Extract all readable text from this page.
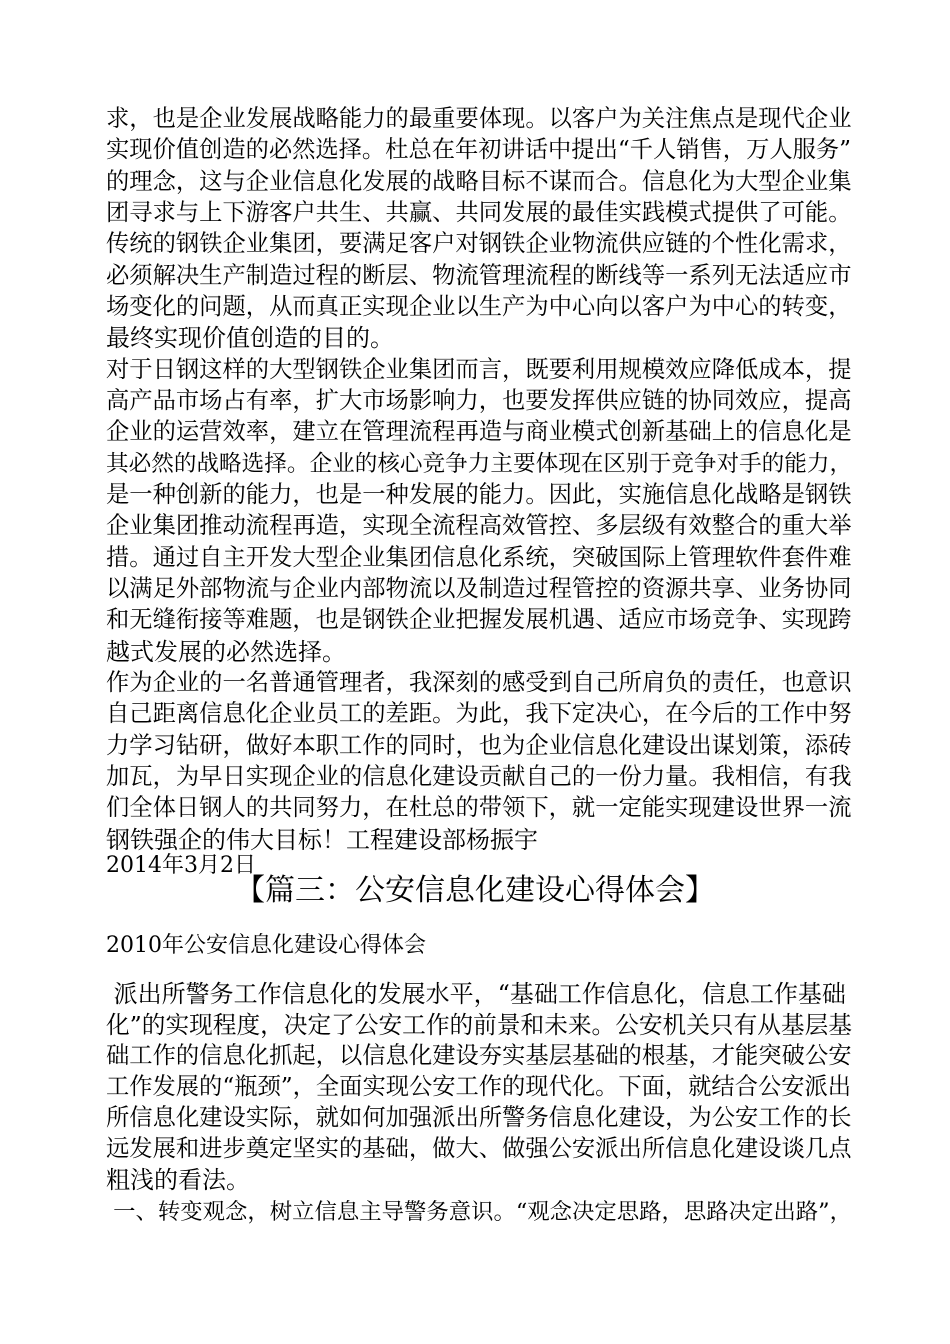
求，也是企业发展战略能力的最重要体现。以客户为关注焦点是现代企业
实现价值创造的必然选择。杜总在年初讲话中提出“千人销售，万人服务”
的理念，这与企业信息化发展的战略目标不谋而合。信息化为大型企业集
团寻求与上下游客户共生、共赢、共同发展的最佳实践模式提供了可能。
传统的钢铁企业集团，要满足客户对钢铁企业物流供应链的个性化需求，
必须解决生产制造过程的断层、物流管理流程的断线等一系列无法适应市
场变化的问题，从而真正实现企业以生产为中心向以客户为中心的转变，
最终实现价值创造的目的。
对于日钢这样的大型钢铁企业集团而言，既要利用规模效应降低成本，提
高产品市场占有率，扩大市场影响力，也要发挥供应链的协同效应，提高
企业的运营效率，建立在管理流程再造与商业模式创新基础上的信息化是
其必然的战略选择。企业的核心竞争力主要体现在区别于竞争对手的能力，
是一种创新的能力，也是一种发展的能力。因此，实施信息化战略是钢铁
企业集团推动流程再造，实现全流程高效管控、多层级有效整合的重大举
措。通过自主开发大型企业集团信息化系统，突破国际上管理软件套件难
以满足外部物流与企业内部物流以及制造过程管控的资源共享、业务协同
和无缝衔接等难题，也是钢铁企业把握发展机遇、适应市场竞争、实现跨
越式发展的必然选择。
作为企业的一名普通管理者，我深刻的感受到自己所肩负的责任，也意识
自己距离信息化企业员工的差距。为此，我下定决心，在今后的工作中努
力学习钻研，做好本职工作的同时，也为企业信息化建设出谋划策，添砖
加瓦，为早日实现企业的信息化建设贡献自己的一份力量。我相信，有我
们全体日钢人的共同努力，在杜总的带领下，就一定能实现建设世界一流
钢铁强企的伟大目标！工程建设部杨振宇
2014年3月2日
【篇三：公安信息化建设心得体会】
2010年公安信息化建设心得体会
派出所警务工作信息化的发展水平，“基础工作信息化，信息工作基础
化”的实现程度，决定了公安工作的前景和未来。公安机关只有从基层基
础工作的信息化抓起，以信息化建设夯实基层基础的根基，才能突破公安
工作发展的“瓶颈”，全面实现公安工作的现代化。下面，就结合公安派出
所信息化建设实际，就如何加强派出所警务信息化建设，为公安工作的长
远发展和进步奠定坚实的基础，做大、做强公安派出所信息化建设谈几点
粗浅的看法。
一、转变观念，树立信息主导警务意识。“观念决定思路，思路决定出路”，
